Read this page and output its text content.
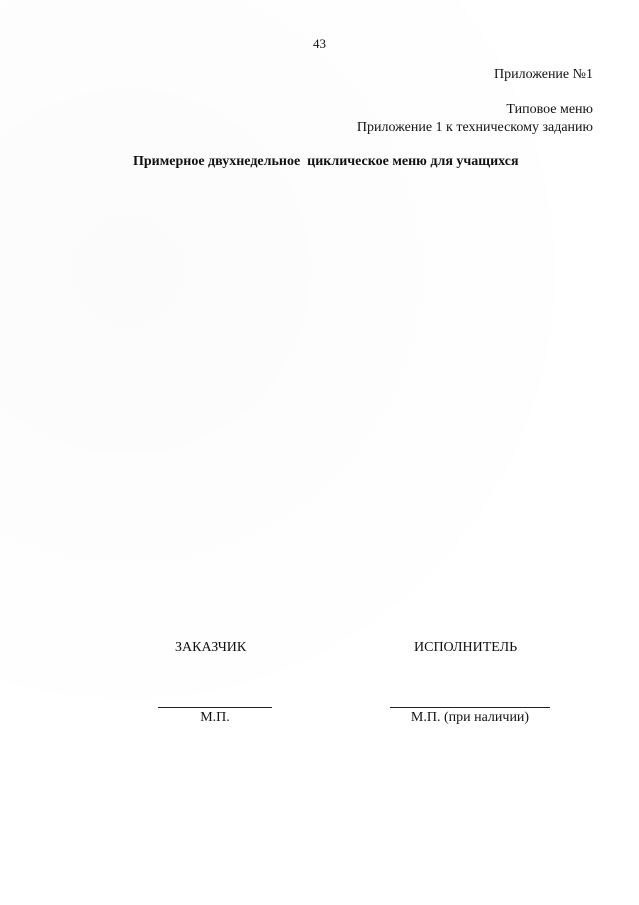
43
Приложение №1
Типовое меню
Приложение 1 к техническому заданию
Примерное двухнедельное  циклическое меню для учащихся
ЗАКАЗЧИК	ИСПОЛНИТЕЛЬ
М.П.	М.П. (при наличии)
